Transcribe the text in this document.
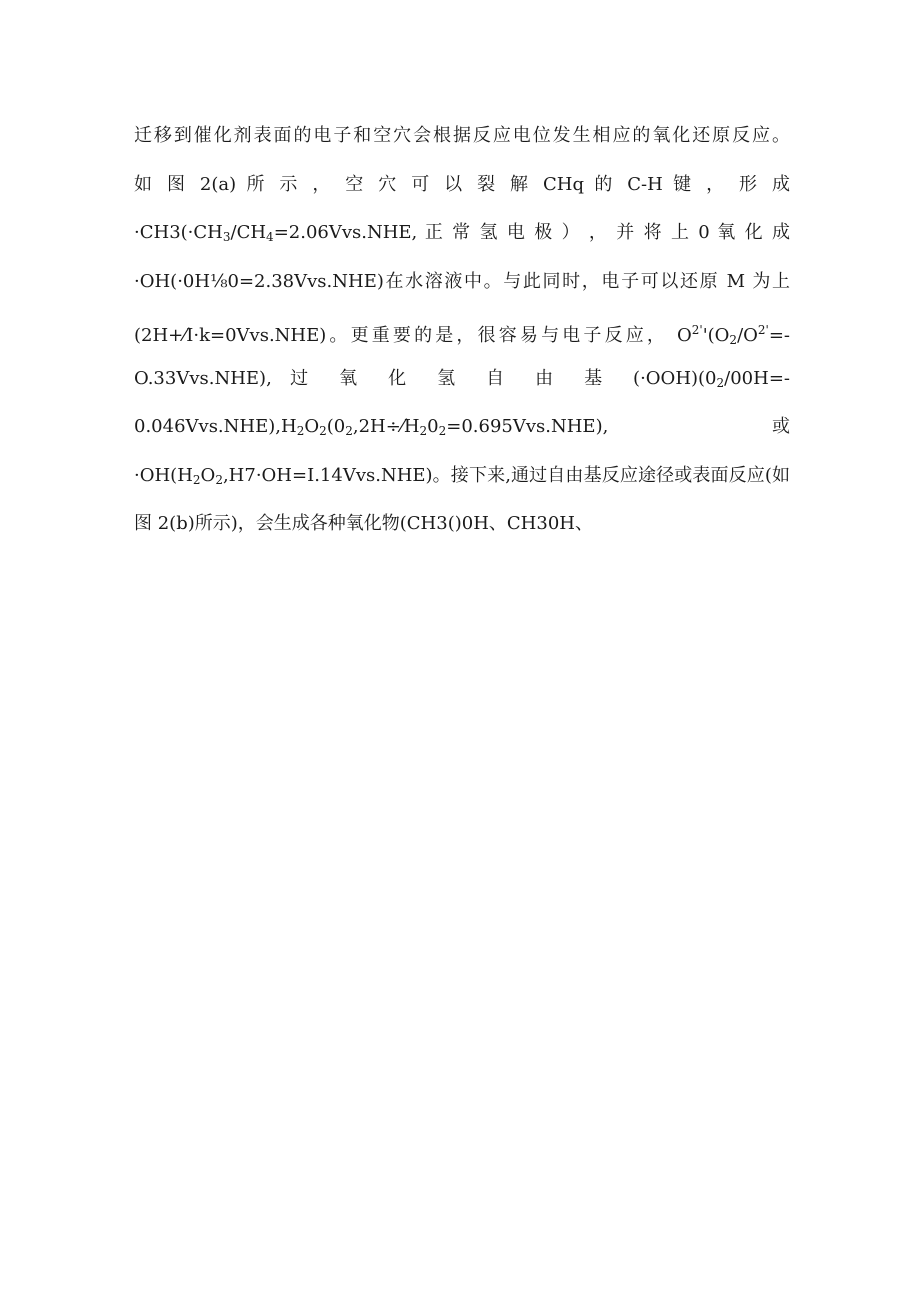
迁移到催化剂表面的电子和空穴会根据反应电位发生相应的氧化还原反应。
如 图 2(a) 所 示 ， 空 穴 可 以 裂 解 CHq 的 C-H 键 ， 形 成
$\cdot CH3(\cdot CH_3/CH_4=2.06Vvs.NHE$, 正 常 氢 电 极 ） ， 并 将 上 0 氧 化 成
·OH(·0H⅛0=2.38Vvs.NHE)在水溶液中。与此同时，电子可以还原 M 为上
(2H+⁄I·k=0Vvs.NHE)。更重要的是，很容易与电子反应， $O^{2'}'(O_2/O^{2'}=-$
O.33Vvs.NHE), 过 氧 化 氢 自 由 基 $(\cdot OOH)(0_2/00H=-$
$0.046Vvs.NHE),H_2O_2(0_2,2H\div⁄H_20_2=0.695Vvs.NHE)$, 或
$\cdot OH(H_2O_2,H7\cdot OH=I.14Vvs.NHE)$。接下来,通过自由基反应途径或表面反应(如
图 2(b)所示)，会生成各种氧化物(CH3()0H、CH30H、
